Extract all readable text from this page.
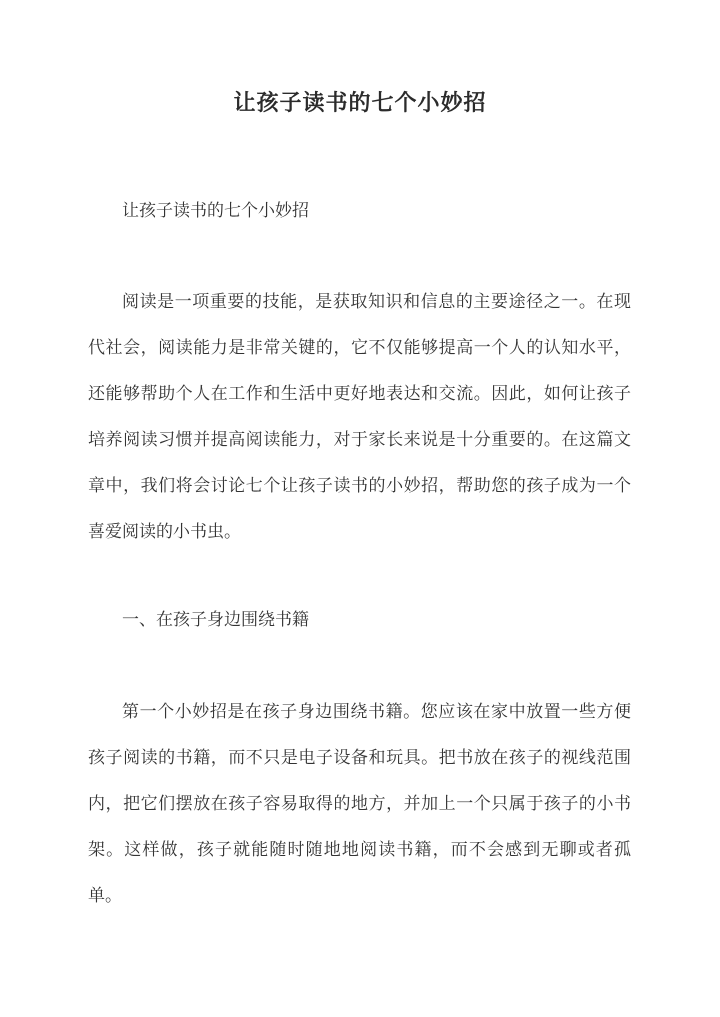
让孩子读书的七个小妙招
让孩子读书的七个小妙招

阅读是一项重要的技能，是获取知识和信息的主要途径之一。在现代社会，阅读能力是非常关键的，它不仅能够提高一个人的认知水平，还能够帮助个人在工作和生活中更好地表达和交流。因此，如何让孩子培养阅读习惯并提高阅读能力，对于家长来说是十分重要的。在这篇文章中，我们将会讨论七个让孩子读书的小妙招，帮助您的孩子成为一个喜爱阅读的小书虫。

一、在孩子身边围绕书籍

第一个小妙招是在孩子身边围绕书籍。您应该在家中放置一些方便孩子阅读的书籍，而不只是电子设备和玩具。把书放在孩子的视线范围内，把它们摆放在孩子容易取得的地方，并加上一个只属于孩子的小书架。这样做，孩子就能随时随地地阅读书籍，而不会感到无聊或者孤单。
